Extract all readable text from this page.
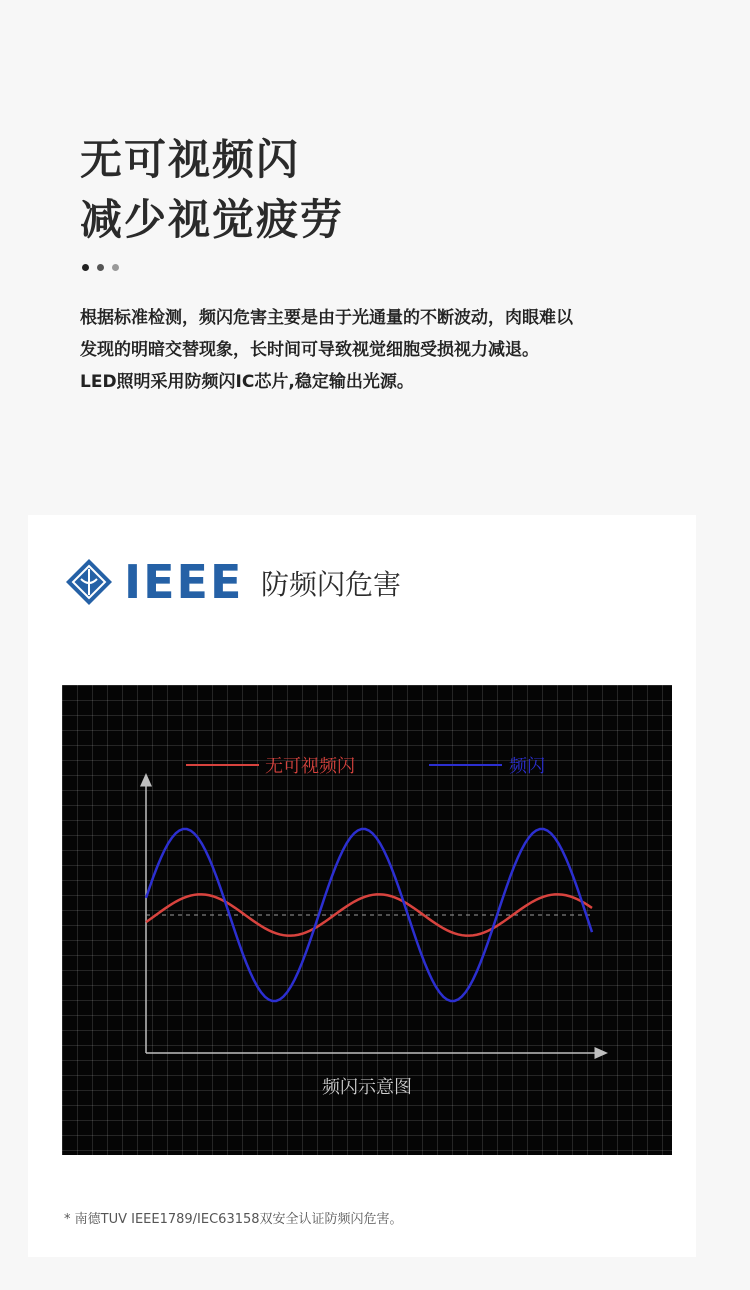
无可视频闪
减少视觉疲劳
根据标准检测，频闪危害主要是由于光通量的不断波动，肉眼难以
发现的明暗交替现象，长时间可导致视觉细胞受损视力减退。
LED照明采用防频闪IC芯片,稳定输出光源。
IEEE 防频闪危害
无可视频闪	频闪
频闪示意图
* 南德TUV IEEE1789/IEC63158双安全认证防频闪危害。
